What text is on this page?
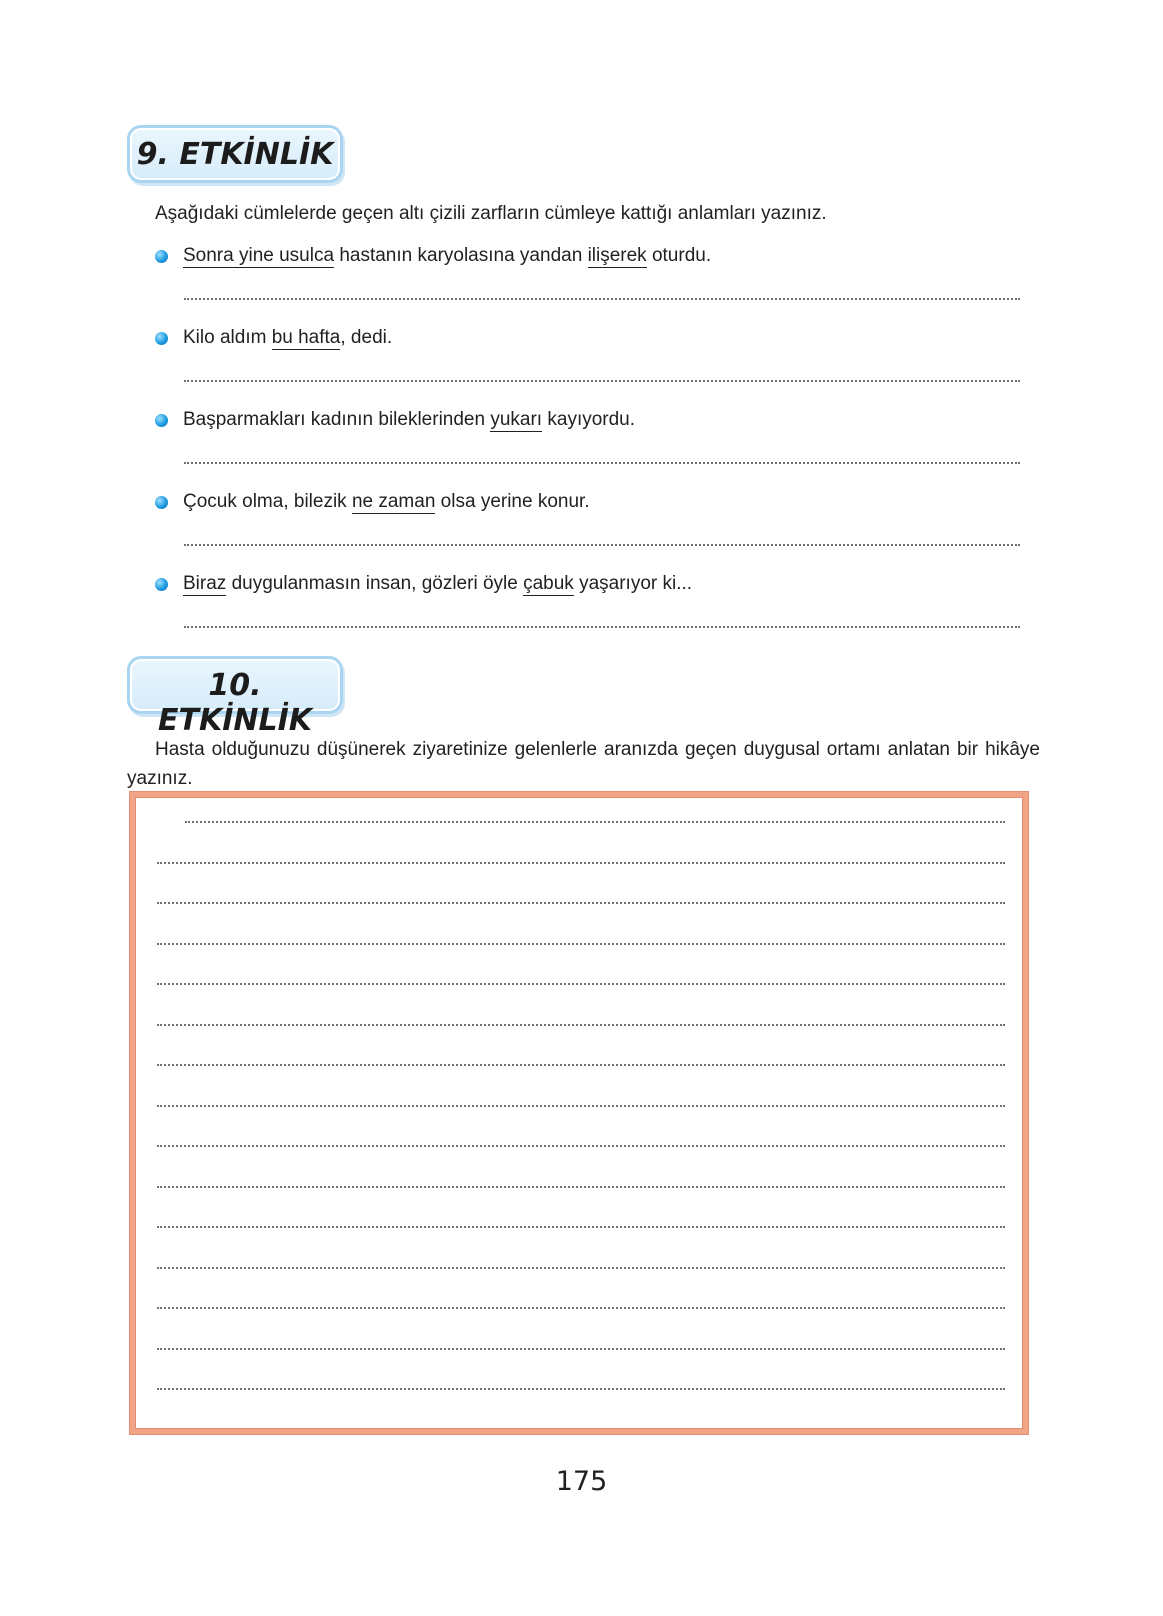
9. ETKİNLİK
Aşağıdaki cümlelerde geçen altı çizili zarfların cümleye kattığı anlamları yazınız.
Sonra yine usulca hastanın karyolasına yandan ilişerek oturdu.
Kilo aldım bu hafta, dedi.
Başparmakları kadının bileklerinden yukarı kayıyordu.
Çocuk olma, bilezik ne zaman olsa yerine konur.
Biraz duygulanmasın insan, gözleri öyle çabuk yaşarıyor ki...
10. ETKİNLİK
Hasta olduğunuzu düşünerek ziyaretinize gelenlerle aranızda geçen duygusal ortamı anlatan bir hikâye yazınız.
175
